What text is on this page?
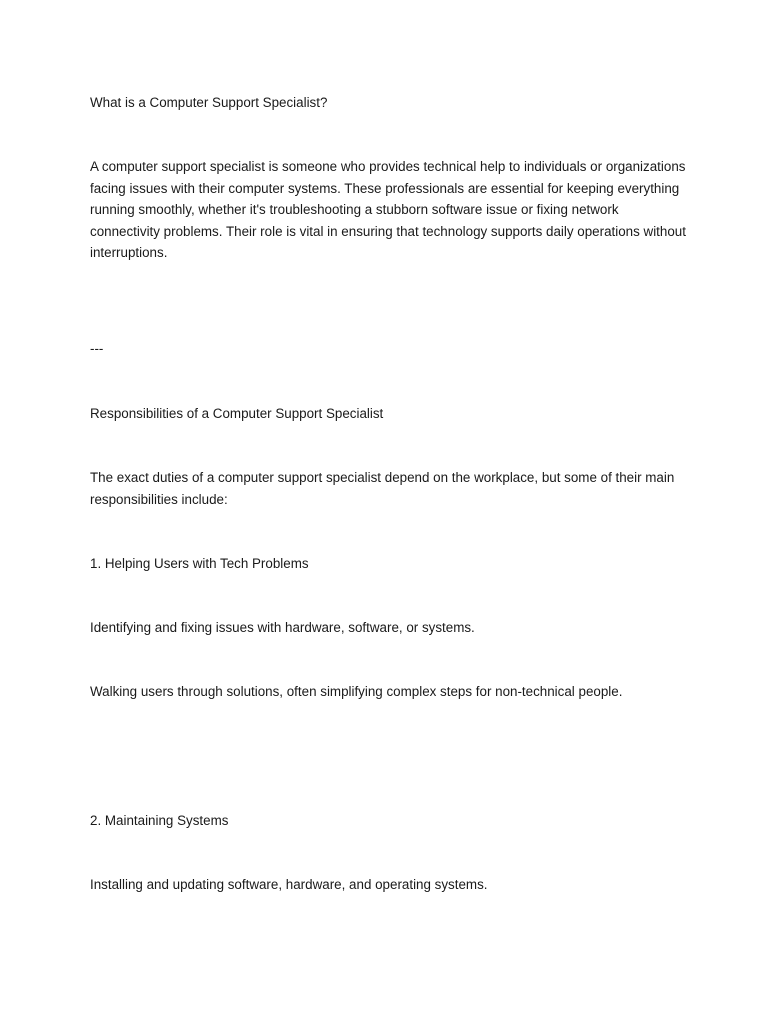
What is a Computer Support Specialist?

A computer support specialist is someone who provides technical help to individuals or organizations facing issues with their computer systems. These professionals are essential for keeping everything running smoothly, whether it's troubleshooting a stubborn software issue or fixing network connectivity problems. Their role is vital in ensuring that technology supports daily operations without interruptions.

---

Responsibilities of a Computer Support Specialist

The exact duties of a computer support specialist depend on the workplace, but some of their main responsibilities include:

1. Helping Users with Tech Problems

Identifying and fixing issues with hardware, software, or systems.

Walking users through solutions, often simplifying complex steps for non-technical people.

2. Maintaining Systems

Installing and updating software, hardware, and operating systems.
